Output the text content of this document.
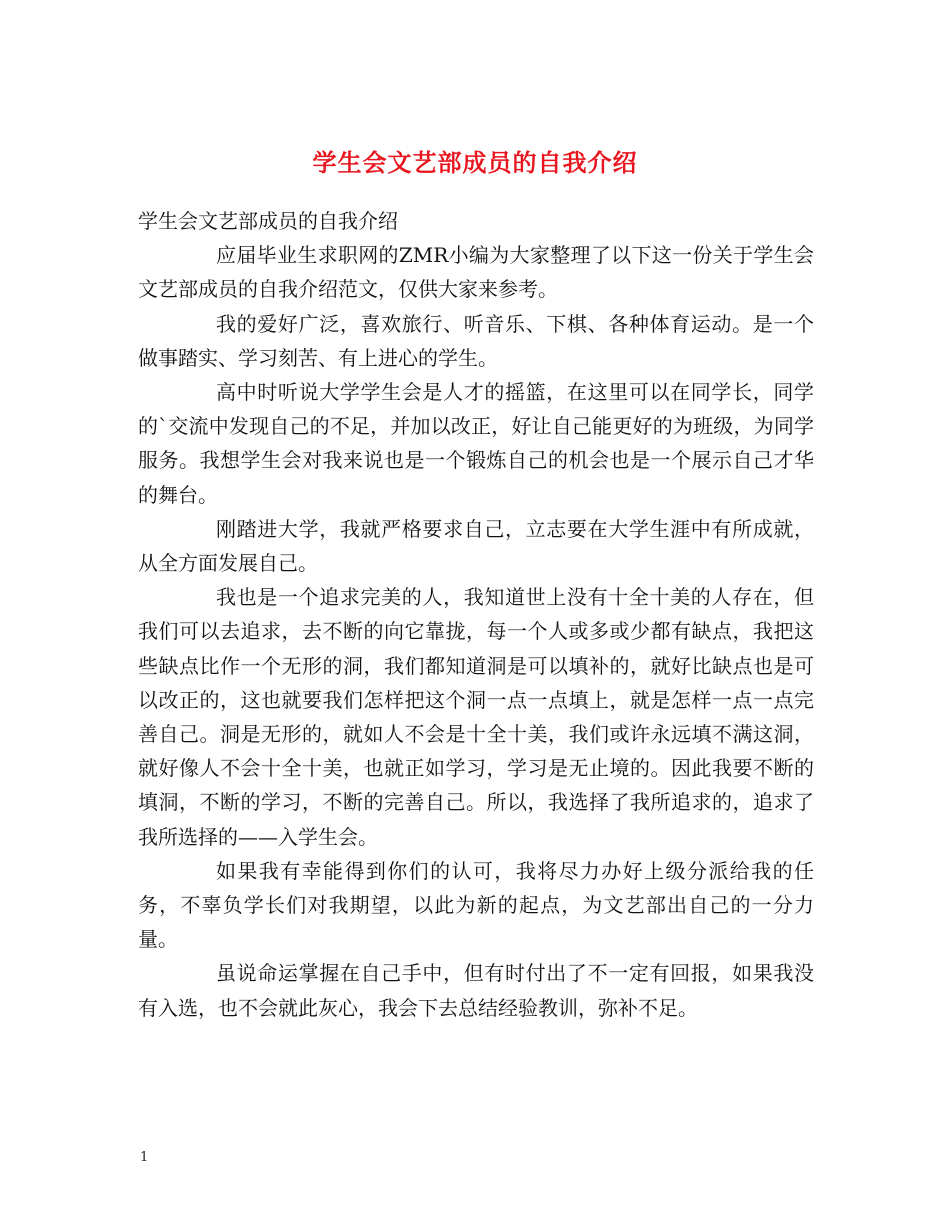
学生会文艺部成员的自我介绍

学生会文艺部成员的自我介绍

应届毕业生求职网的ZMR小编为大家整理了以下这一份关于学生会文艺部成员的自我介绍范文，仅供大家来参考。

我的爱好广泛，喜欢旅行、听音乐、下棋、各种体育运动。是一个做事踏实、学习刻苦、有上进心的学生。

高中时听说大学学生会是人才的摇篮，在这里可以在同学长，同学的`交流中发现自己的不足，并加以改正，好让自己能更好的为班级，为同学服务。我想学生会对我来说也是一个锻炼自己的机会也是一个展示自己才华的舞台。

刚踏进大学，我就严格要求自己，立志要在大学生涯中有所成就，从全方面发展自己。

我也是一个追求完美的人，我知道世上没有十全十美的人存在，但我们可以去追求，去不断的向它靠拢，每一个人或多或少都有缺点，我把这些缺点比作一个无形的洞，我们都知道洞是可以填补的，就好比缺点也是可以改正的，这也就要我们怎样把这个洞一点一点填上，就是怎样一点一点完善自己。洞是无形的，就如人不会是十全十美，我们或许永远填不满这洞，就好像人不会十全十美，也就正如学习，学习是无止境的。因此我要不断的填洞，不断的学习，不断的完善自己。所以，我选择了我所追求的，追求了我所选择的——入学生会。

如果我有幸能得到你们的认可，我将尽力办好上级分派给我的任务，不辜负学长们对我期望，以此为新的起点，为文艺部出自己的一分力量。

虽说命运掌握在自己手中，但有时付出了不一定有回报，如果我没有入选，也不会就此灰心，我会下去总结经验教训，弥补不足。

1
